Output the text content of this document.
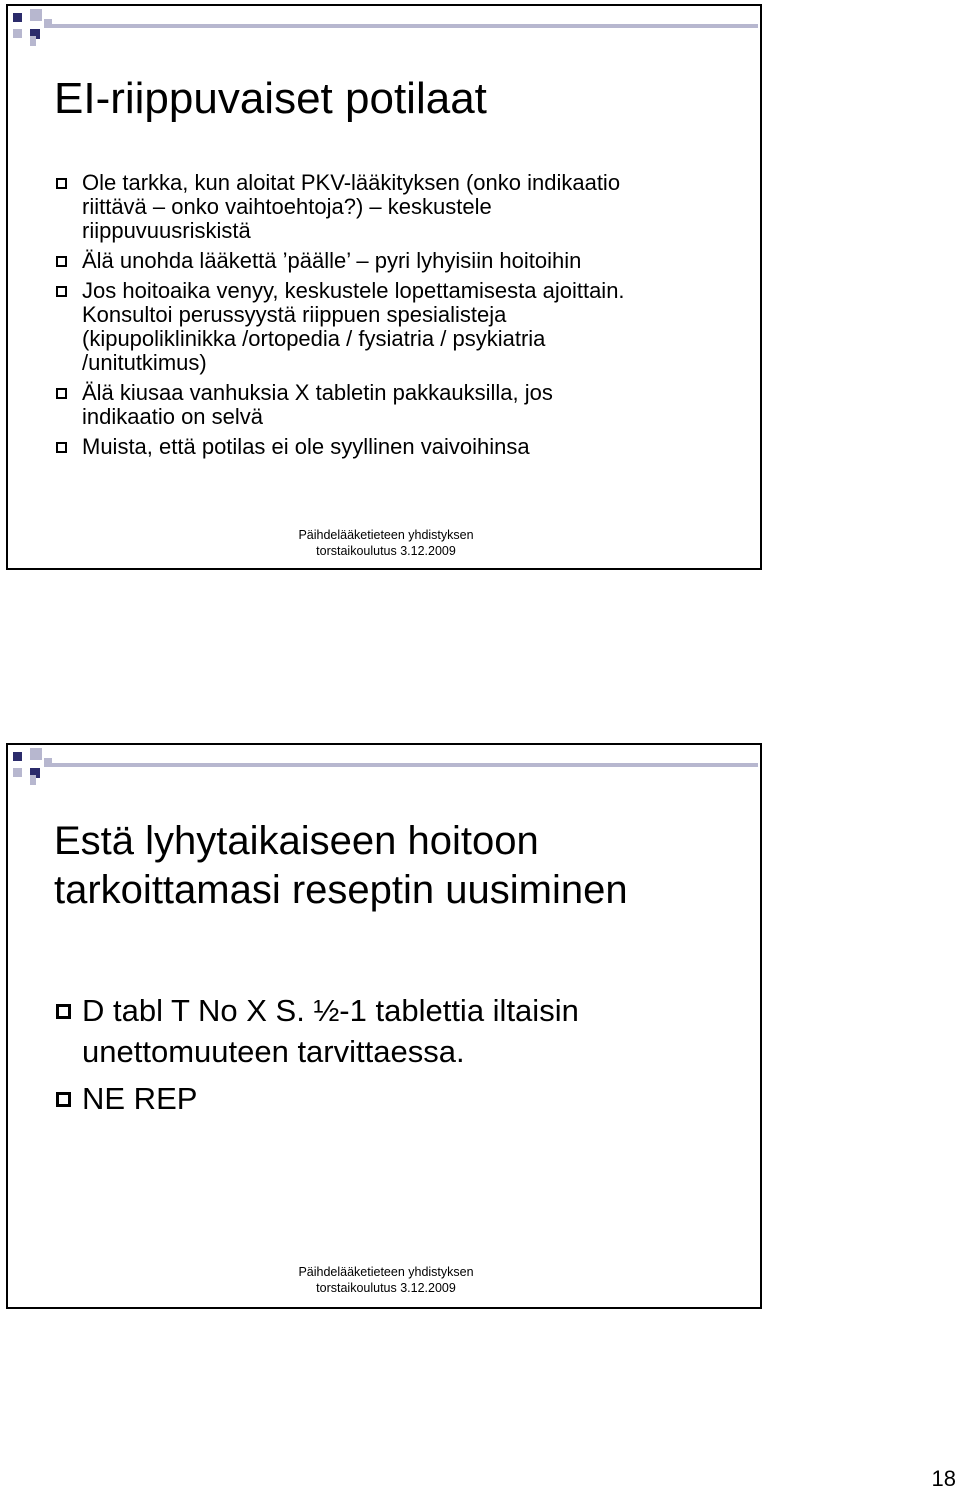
EI-riippuvaiset potilaat
Ole tarkka, kun aloitat PKV-lääkityksen (onko indikaatio
riittävä – onko vaihtoehtoja?) – keskustele
riippuvuusriskistä
Älä unohda lääkettä ’päälle’ – pyri lyhyisiin hoitoihin
Jos hoitoaika venyy, keskustele lopettamisesta ajoittain.
Konsultoi perussyystä riippuen spesialisteja
(kipupoliklinikka /ortopedia / fysiatria / psykiatria
/unitutkimus)
Älä kiusaa vanhuksia X tabletin pakkauksilla, jos
indikaatio on selvä
Muista, että potilas ei ole syyllinen vaivoihinsa
Päihdelääketieteen yhdistyksen
torstaikoulutus 3.12.2009
Estä lyhytaikaiseen hoitoon
tarkoittamasi reseptin uusiminen
D tabl T No X S. ½-1 tablettia iltaisin
unettomuuteen tarvittaessa.
NE REP
Päihdelääketieteen yhdistyksen
torstaikoulutus 3.12.2009
18
